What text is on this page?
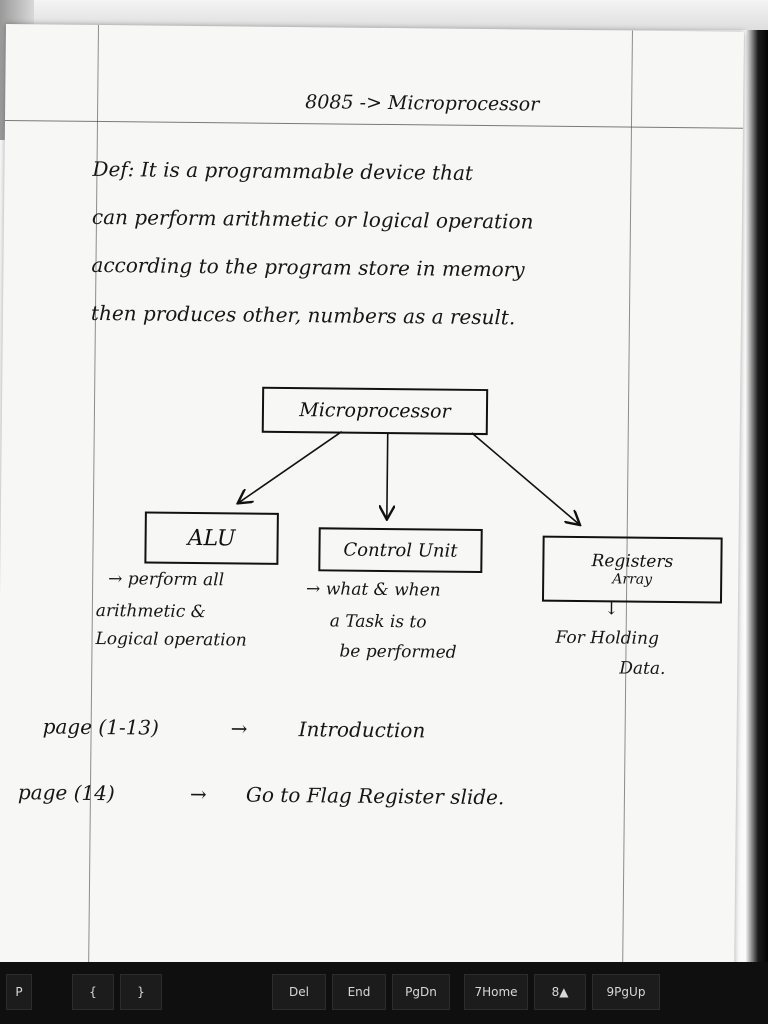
8085 -> Microprocessor
Def: It is a programmable device that
can perform arithmetic or logical operation
according to the program store in memory
then produces other, numbers as a result.
Microprocessor
ALU	Control Unit
Registers
Array
→ perform all
arithmetic &
Logical operation
→ what & when
a Task is to
be performed
↓
For Holding
Data.
page (1-13)	→	Introduction
page (14)	→ Go to Flag Register slide.
P	{	}	Del	End	PgDn	7Home	8▲	9PgUp
